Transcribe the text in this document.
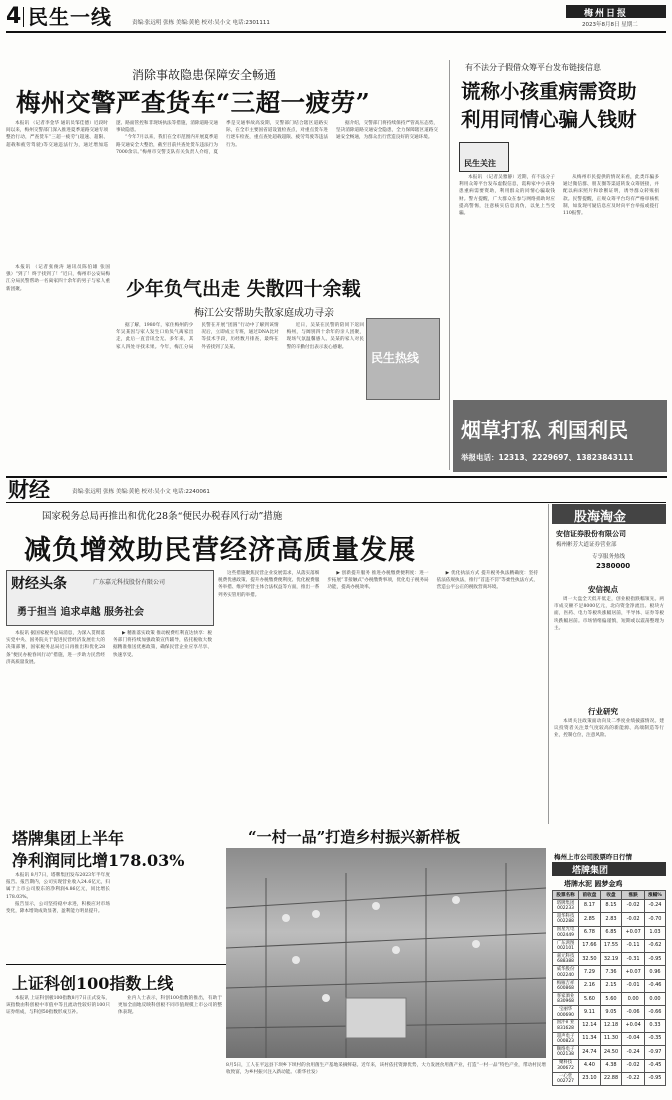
4 民生一线	责编:张远明 张栋 美编:黄艳 校对:吴小文 电话:2301111
梅州日报
2023年8月8日 星期二
消除事故隐患保障安全畅通
梅州交警严查货车“三超一疲劳”

本报讯 （记者李金华 通讯员邹佳德）近段时间以来，梅州交警部门深入推进夏季道路交通专项整治行动，严查货车“三超一疲劳”(超速、超限、超载和疲劳驾驶)等交通违法行为，通过增加巡逻、路面管控和非现场执法等措施，消除道路交通事故隐患。

“今年7月以来，我们在全市范围内开展夏季道路交通安全大整治，截至目前共查处货车违法行为7000余宗。”梅州市交警支队有关负责人介绍，夏季是交通事故高发期，交警部门结合辖区道路实际，在全市主要国省道设置检查点，对重点货车进行逐车检查，重点查处超载超限、疲劳驾驶等违法行为。

据介绍，交警部门将持续保持严管高压态势，坚决消除道路交通安全隐患，全力保障辖区道路交通安全畅通，为群众出行营造良好的交通环境。

有不法分子假借众筹平台发布链接信息
谎称小孩重病需资助
利用同情心骗人钱财
民生关注

本报讯 （记者吴雅静）近期，有不法分子利用众筹平台发布虚假信息，谎称家中小孩身患重病需要资助，利用群众的同情心骗取钱财。警方提醒，广大群众在参与网络捐助时应提高警惕，注意核实信息真伪，以免上当受骗。

从梅州市民提供的情况来看，此类诈骗多通过微信群、朋友圈等渠道转发众筹链接，并配以病床照片和诊断证明，诱导群众转账捐款。民警提醒，正规众筹平台均有严格审核机制，如发现可疑信息应及时向平台举报或拨打110报警。

本报讯 （记者张俊涛 通讯员陈伯雄 张国强）“到了！终于找到了！”近日，梅州市公安局梅江分局民警帮助一名离家四十余年的男子与家人重新团聚。	少年负气出走 失散四十余载
梅江公安帮助失散家庭成功寻亲

据了解，1980年，家住梅州的少年吴某因与家人发生口角负气离家出走，此后一直音讯全无。多年来，其家人四处寻找未果。今年，梅江分局民警在开展“团圆”行动中了解到该情况后，立即成立专班，通过DNA比对等技术手段，历经数月排查，最终在外省找到了吴某。

近日，吴某在民警的陪同下返回梅州，与阔别四十余年的亲人团聚，现场气氛温馨感人。吴某的家人对民警的辛勤付出表示衷心感谢。

民生热线
烟草打私 利国利民
举报电话：12313、2229697、13823843111
财经	责编:张远明 张栋 美编:黄艳 校对:吴小文 电话:2240061
国家税务总局再推出和优化28条“便民办税春风行动”措施
减负增效助民营经济高质量发展
财经头条	广东嘉元科技股份有限公司
勇于担当 追求卓越 服务社会

本报讯 据国家税务总局消息，为深入贯彻落实党中央、国务院关于促进民营经济发展壮大的决策部署，国家税务总局近日再推出和优化28条“便民办税春风行动”措施，进一步助力民营经济高质量发展。

▶ 精准落实政策 推动税费红利直达快享：税务部门将持续加强政策宣传辅导，依托税收大数据精准推送优惠政策，确保民营企业应享尽享、快速享受。

这些措施聚焦民营企业发展需求，从落实落细税费优惠政策、提升办税缴费便利度、优化税费服务举措、维护经营主体合法权益等方面，推出一系列务实管用的举措。

▶ 创新提升服务 推进办税缴费便利度：进一步拓展“非接触式”办税缴费事项，优化电子税务局功能，提高办税效率。

▶ 优化执法方式 提升税务执法精确度：坚持依法依规执法，推行“首违不罚”等柔性执法方式，营造公平公正的税收营商环境。

股海淘金
安信证券股份有限公司
梅州彬芳大道证券营业部
专享服务热线
2380000
安信视点
周一大盘全天低开低走，创业板指跌幅领先。两市成交额不足8000亿元，北向资金净流出。板块方面，医药、电力等板块涨幅居前，半导体、证券等板块跌幅居前。市场情绪偏谨慎，短期或以震荡整理为主。
行业研究
本周关注政策面动向及二季度业绩披露情况。建议投资者关注景气度较高的新能源、高端制造等行业，控制仓位，注意风险。
塔牌集团上半年
净利润同比增178.03%

本报讯 8月7日，塔牌集团发布2023年半年度报告。报告期内，公司实现营业收入24.6亿元，归属于上市公司股东的净利润4.86亿元，同比增长178.03%。

报告显示，公司坚持稳中求进，积极应对市场变化，降本增效成效显著，盈利能力明显提升。

“一村一品”打造乡村振兴新样板
8月5日，工人在平远县下坝乡下坝村的食用菌生产基地采摘鲜菇。近年来，该村依托资源优势，大力发展食用菌产业，打造“一村一品”特色产业，带动村民增收致富，为乡村振兴注入新动能。（新华社发）
上证科创100指数上线

本报讯 上证科创板100指数8月7日正式发布，该指数由科创板中市值中等且流动性较好的100只证券组成，与科创50指数形成互补。

业内人士表示，科创100指数的推出，有助于更加全面地反映科创板不同市值规模上市公司的整体表现。

梅州上市公司股票昨日行情
塔牌集团
塔牌水泥 圆梦金鸡
股票名称	前收盘	收盘	涨跌	涨幅%
塔牌集团
002233	8.17	8.15	-0.02	-0.24
超华科技
002288	2.85	2.83	-0.02	-0.70
国星光电
002449	6.78	6.85	+0.07	1.03
广东鸿图
002101	17.66	17.55	-0.11	-0.62
嘉元科技
688388	32.50	32.19	-0.31	-0.95
威华股份
002240	7.29	7.36	+0.07	0.96
梅雁吉祥
600868	2.16	2.15	-0.01	-0.46
客家酒业
830968	5.60	5.60	0.00	0.00
宝丽华
000690	9.11	9.05	-0.06	-0.66
国沣矿业
831628	12.14	12.18	+0.04	0.33
超声电子
000823	11.34	11.30	-0.04	-0.35
顺络电子
002138	24.74	24.50	-0.24	-0.97
聚科技
300672	4.40	4.38	-0.02	-0.45
一心堂
002727	23.10	22.88	-0.22	-0.95
